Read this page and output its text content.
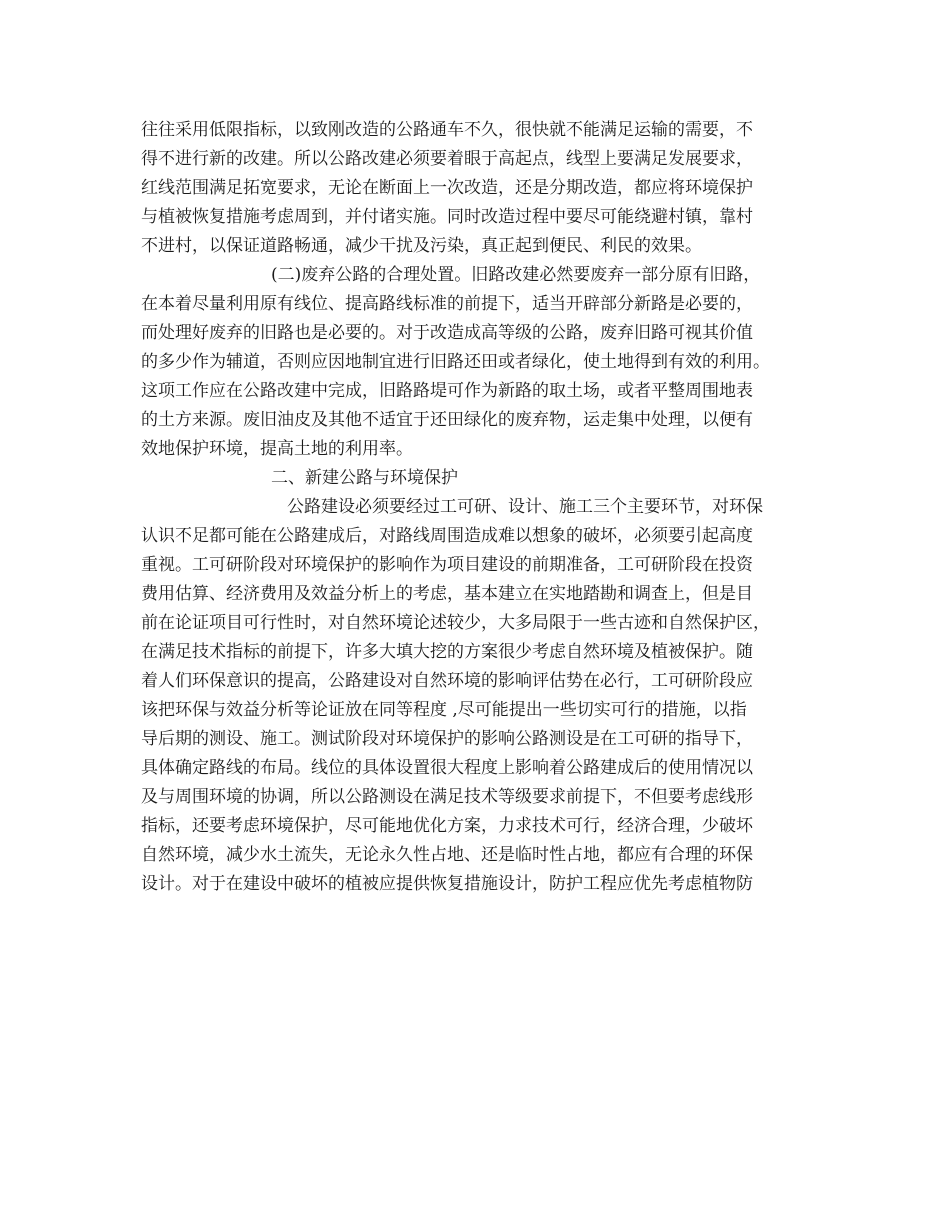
往往采用低限指标，以致刚改造的公路通车不久，很快就不能满足运输的需要，不
得不进行新的改建。所以公路改建必须要着眼于高起点，线型上要满足发展要求，
红线范围满足拓宽要求，无论在断面上一次改造，还是分期改造，都应将环境保护
与植被恢复措施考虑周到，并付诸实施。同时改造过程中要尽可能绕避村镇，靠村
不进村，以保证道路畅通，减少干扰及污染，真正起到便民、利民的效果。
(二)废弃公路的合理处置。旧路改建必然要废弃一部分原有旧路，
在本着尽量利用原有线位、提高路线标准的前提下，适当开辟部分新路是必要的，
而处理好废弃的旧路也是必要的。对于改造成高等级的公路，废弃旧路可视其价值
的多少作为辅道，否则应因地制宜进行旧路还田或者绿化，使土地得到有效的利用。
这项工作应在公路改建中完成，旧路路堤可作为新路的取土场，或者平整周围地表
的土方来源。废旧油皮及其他不适宜于还田绿化的废弃物，运走集中处理，以便有
效地保护环境，提高土地的利用率。
二、新建公路与环境保护
公路建设必须要经过工可研、设计、施工三个主要环节，对环保
认识不足都可能在公路建成后，对路线周围造成难以想象的破坏，必须要引起高度
重视。工可研阶段对环境保护的影响作为项目建设的前期准备，工可研阶段在投资
费用估算、经济费用及效益分析上的考虑，基本建立在实地踏勘和调查上，但是目
前在论证项目可行性时，对自然环境论述较少，大多局限于一些古迹和自然保护区，
在满足技术指标的前提下，许多大填大挖的方案很少考虑自然环境及植被保护。随
着人们环保意识的提高，公路建设对自然环境的影响评估势在必行，工可研阶段应
该把环保与效益分析等论证放在同等程度 ,尽可能提出一些切实可行的措施，以指
导后期的测设、施工。测试阶段对环境保护的影响公路测设是在工可研的指导下，
具体确定路线的布局。线位的具体设置很大程度上影响着公路建成后的使用情况以
及与周围环境的协调，所以公路测设在满足技术等级要求前提下，不但要考虑线形
指标，还要考虑环境保护，尽可能地优化方案，力求技术可行，经济合理，少破坏
自然环境，减少水土流失，无论永久性占地、还是临时性占地，都应有合理的环保
设计。对于在建设中破坏的植被应提供恢复措施设计，防护工程应优先考虑植物防
